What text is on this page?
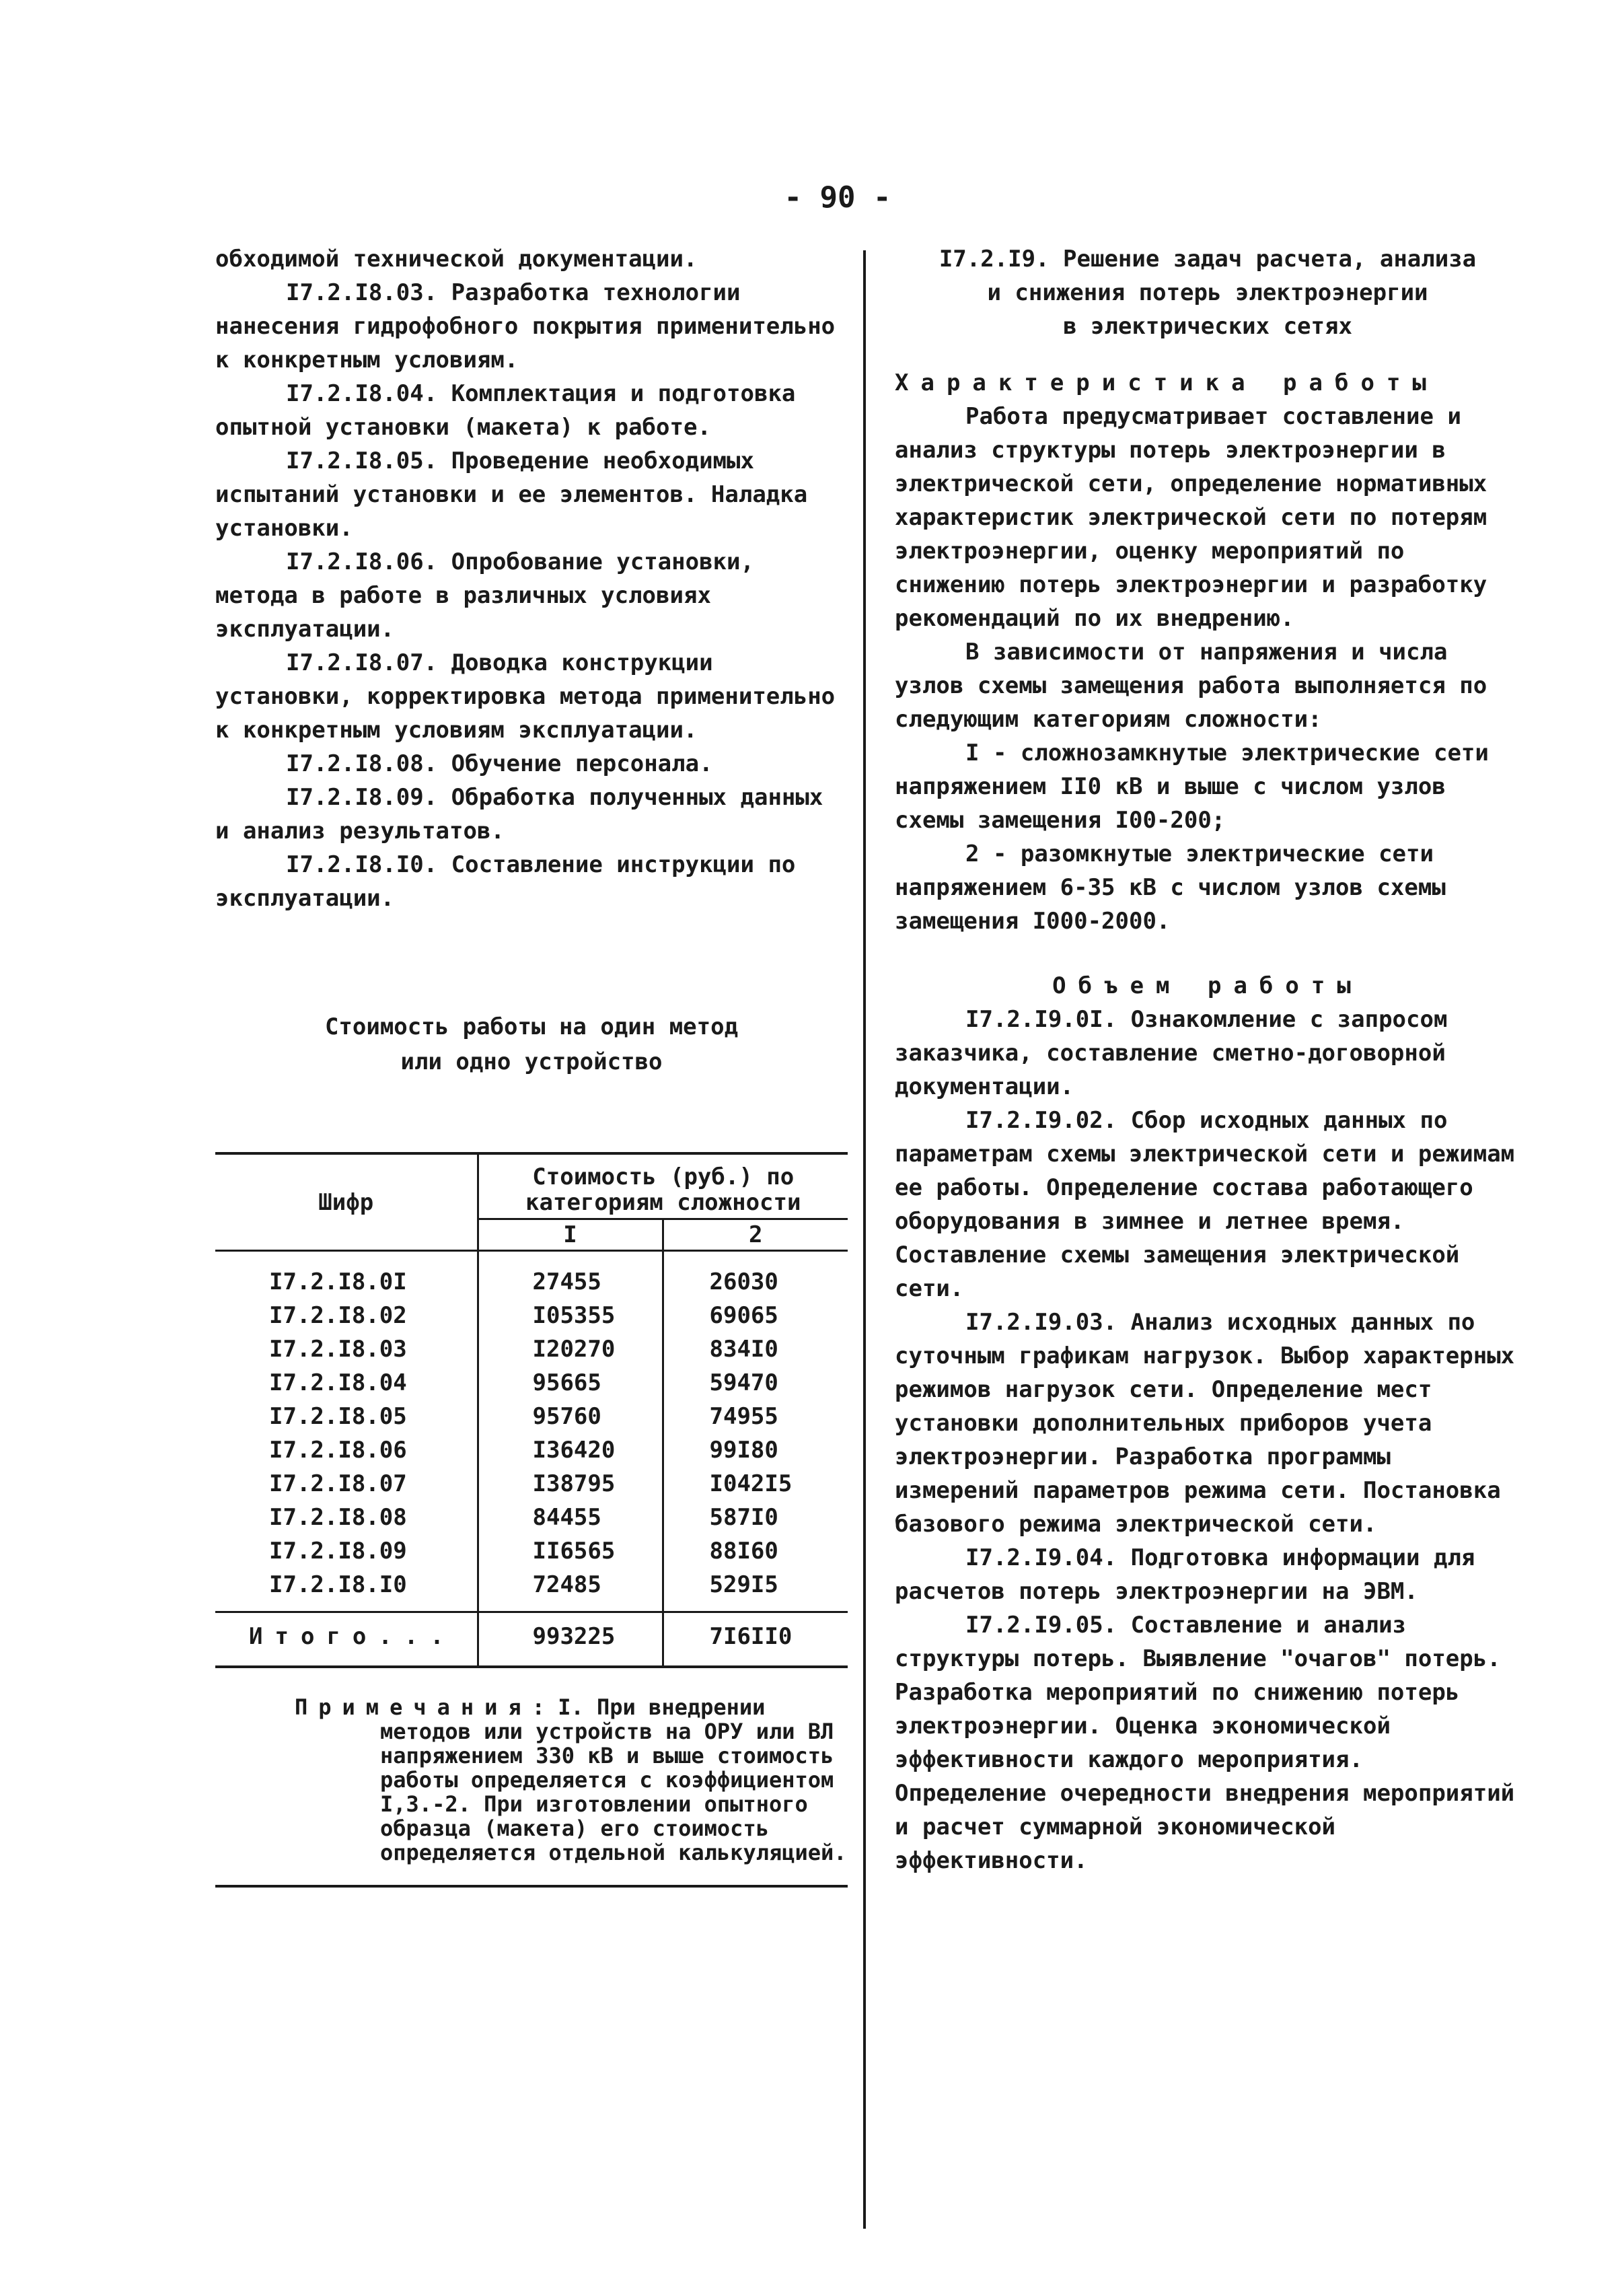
- 90 -

обходимой технической документации.

I7.2.I8.03. Разработка технологии нанесения гидрофобного покрытия применительно к конкретным условиям.

I7.2.I8.04. Комплектация и подготовка опытной установки (макета) к работе.

I7.2.I8.05. Проведение необходимых испытаний установки и ее элементов. Наладка установки.

I7.2.I8.06. Опробование установки, метода в работе в различных условиях эксплуатации.

I7.2.I8.07. Доводка конструкции установки, корректировка метода применительно к конкретным условиям эксплуатации.

I7.2.I8.08. Обучение персонала.

I7.2.I8.09. Обработка полученных данных и анализ результатов.

I7.2.I8.I0. Составление инструкции по эксплуатации.

Стоимость работы на один метод
или одно устройство
Шифр	Стоимость (руб.) по категориям сложности	
	I	2
I7.2.I8.0I	27455	26030
I7.2.I8.02	I05355	69065
I7.2.I8.03	I20270	834I0
I7.2.I8.04	95665	59470
I7.2.I8.05	95760	74955
I7.2.I8.06	I36420	99I80
I7.2.I8.07	I38795	I042I5
I7.2.I8.08	84455	587I0
I7.2.I8.09	II6565	88I60
I7.2.I8.I0	72485	529I5
Итого...	993225	7I6II0
Примечания: I. При внедрении
методов или устройств на ОРУ или ВЛ напряжением 330 кВ и выше стоимость работы определяется с коэффициентом I,3.-2. При изготовлении опытного образца (макета) его стоимость определяется отдельной калькуляцией.
I7.2.I9. Решение задач расчета, анализа
и снижения потерь электроэнергии
в электрических сетях
Характеристика работы

Работа предусматривает составление и анализ структуры потерь электроэнергии в электрической сети, определение нормативных характеристик электрической сети по потерям электроэнергии, оценку мероприятий по снижению потерь электроэнергии и разработку рекомендаций по их внедрению.

В зависимости от напряжения и числа узлов схемы замещения работа выполняется по следующим категориям сложности:

I - сложнозамкнутые электрические сети напряжением II0 кВ и выше с числом узлов схемы замещения I00-200;

2 - разомкнутые электрические сети напряжением 6-35 кВ с числом узлов схемы замещения I000-2000.

Объем работы

I7.2.I9.0I. Ознакомление с запросом заказчика, составление сметно-договорной документации.

I7.2.I9.02. Сбор исходных данных по параметрам схемы электрической сети и режимам ее работы. Определение состава работающего оборудования в зимнее и летнее время. Составление схемы замещения электрической сети.

I7.2.I9.03. Анализ исходных данных по суточным графикам нагрузок. Выбор характерных режимов нагрузок сети. Определение мест установки дополнительных приборов учета электроэнергии. Разработка программы измерений параметров режима сети. Постановка базового режима электрической сети.

I7.2.I9.04. Подготовка информации для расчетов потерь электроэнергии на ЭВМ.

I7.2.I9.05. Составление и анализ структуры потерь. Выявление "очагов" потерь. Разработка мероприятий по снижению потерь электроэнергии. Оценка экономической эффективности каждого мероприятия. Определение очередности внедрения мероприятий и расчет суммарной экономической эффективности.
